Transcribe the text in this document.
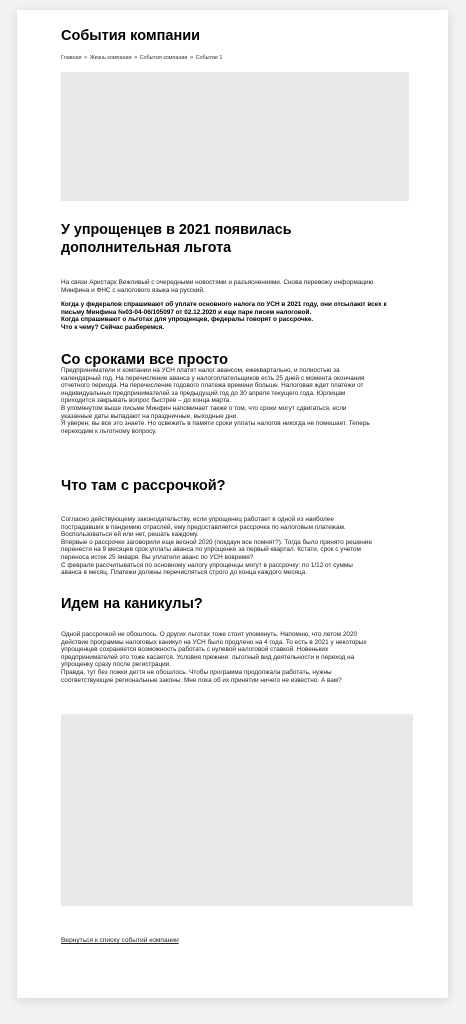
События компании
Главная > Жизнь компании > События компании > Событие 1
У упрощенцев в 2021 появилась
дополнительная льгота

На связи Аристарх Вежливый с очередными новостями и разъяснениями. Снова перевожу информацию
Минфина и ФНС с налогового языка на русский.

Когда у федералов спрашивают об уплате основного налога по УСН в 2021 году, они отсылают всех к
письму Минфина №03-04-06/105097 от 02.12.2020 и еще паре писем налоговой.
Когда спрашивают о льготах для упрощенцев, федералы говорят о рассрочке.
Что к чему? Сейчас разберемся.

Со сроками все просто

Предприниматели и компании на УСН платят налог авансом, ежеквартально, и полностью за
календарный год. На перечисление аванса у налогоплательщиков есть 25 дней с момента окончания
отчетного периода. На перечисление годового платежа времени больше. Налоговая ждет платежи от
индивидуальных предпринимателей за предыдущий год до 30 апреля текущего года. Юрлицам
приходится закрывать вопрос быстрее – до конца марта.
В упомянутом выше письме Минфин напоминает также о том, что сроки могут сдвигаться, если
указанные даты выпадают на праздничные, выходные дни.
Я уверен, вы все это знаете. Но освежить в памяти сроки уплаты налогов никогда не помешает. Теперь
переходим к льготному вопросу.

Что там с рассрочкой?

Согласно действующему законодательству, если упрощенец работает в одной из наиболее
пострадавших в пандемию отраслей, ему предоставляется рассрочка по налоговым платежам.
Воспользоваться ей или нет, решать каждому.
Впервые о рассрочке заговорили еще весной 2020 (покдаун все помнят?). Тогда было принято решение
перенести на 9 месяцев срок уплаты аванса по упрощенке за первый квартал. Кстати, срок с учетом
переноса истек 25 января. Вы уплатили аванс по УСН вовремя?
С февраля рассчитываться по основному налогу упрощенцы могут в рассрочку: по 1/12 от суммы
аванса в месяц. Платежи должны перечисляться строго до конца каждого месяца.

Идем на каникулы?

Одной рассрочкой не обошлось. О других льготах тоже стоит упомянуть. Напомню, что летом 2020
действие программы налоговых каникул на УСН было продлено на 4 года. То есть в 2021 у некоторых
упрощенцев сохраняется возможность работать с нулевой налоговой ставкой. Новеньких
предпринимателей это тоже касается. Условия прежние: льготный вид деятельности и переход на
упрощенку сразу после регистрации.
Правда, тут без ложки дегтя не обошлось. Чтобы программа продолжала работать, нужны
соответствующие региональные законы. Мне пока об их принятии ничего не известно. А вам?

Вернуться к списку событий компании
